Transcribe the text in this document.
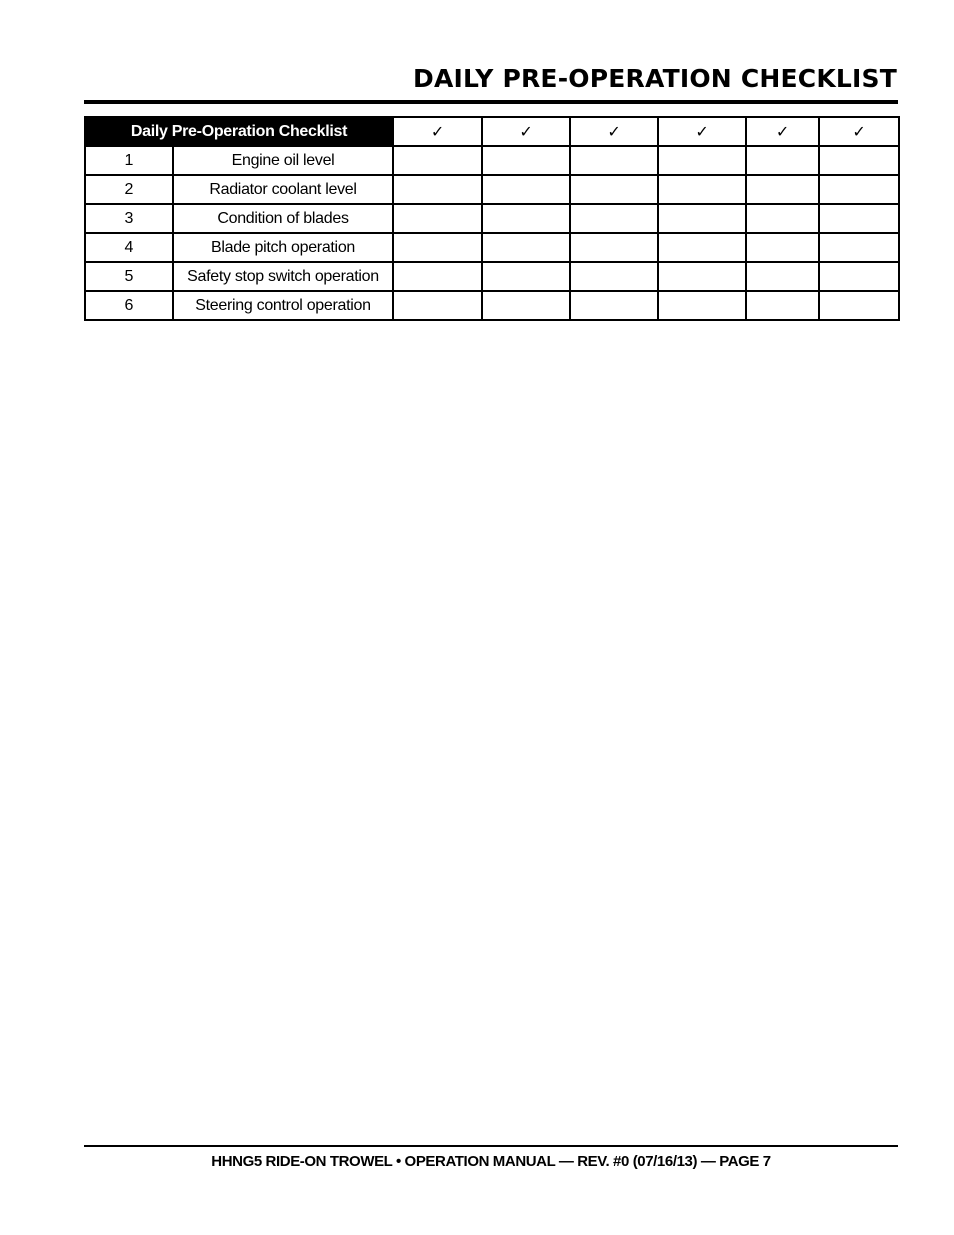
DAILY PRE-OPERATION CHECKLIST
Daily Pre-Operation Checklist		✓	✓	✓	✓	✓	✓
1	Engine oil level						
2	Radiator coolant level						
3	Condition of blades						
4	Blade pitch operation						
5	Safety stop switch operation						
6	Steering control operation						
HHNG5 RIDE-ON TROWEL • OPERATION MANUAL — REV. #0 (07/16/13) — PAGE 7
